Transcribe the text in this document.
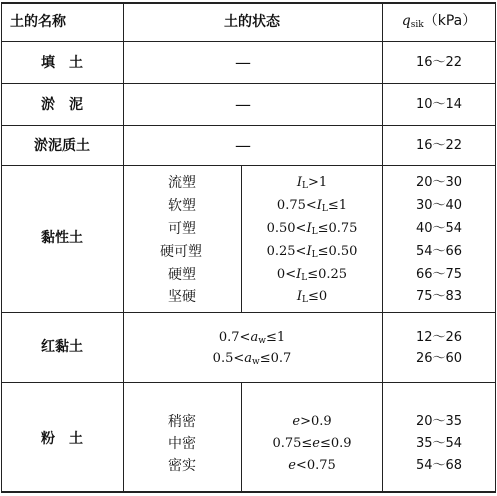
土的名称	土的状态	$q_{sik}(kPa)$
填　土	—	16～22
淤　泥	—	10～14
淤泥质土	—	16～22
黏性土
流塑	$I_L>1$	20～30
软塑	$0.75<I_L\le 1$	30～40
可塑	$0.50<I_L\le 0.75$	40～54
硬可塑	$0.25<I_L\le 0.50$	54～66
硬塑	$0<I_L\le 0.25$	66～75
坚硬	$I_L\le 0$	75～83
红黏土
$0.7<a_w\le 1$	12～26
$0.5<a_w\le 0.7$	26～60
粉　土
稍密	e>0.9	20～35
中密	0.75≤e≤0.9	35～54
密实	e<0.75	54～68
